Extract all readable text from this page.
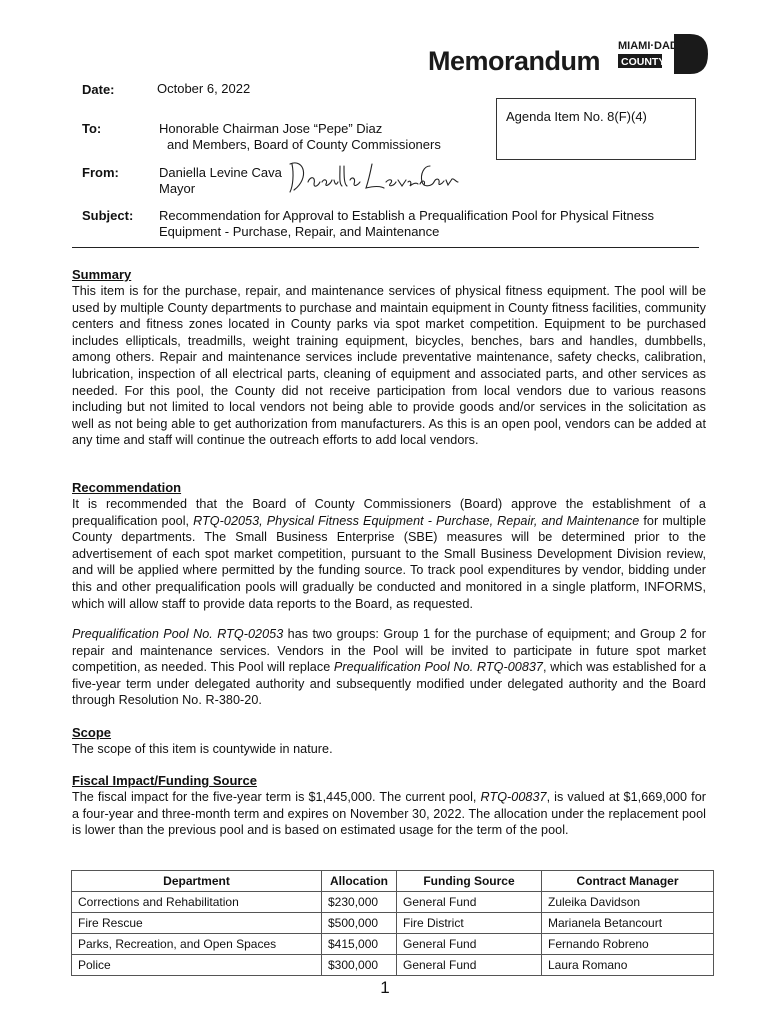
Memorandum MIAMI·DADE
COUNTY
Date:	October 6, 2022
Agenda Item No. 8(F)(4)
To:	Honorable Chairman Jose “Pepe” Diaz
and Members, Board of County Commissioners
From:	Daniella Levine Cava
Mayor
Subject: Recommendation for Approval to Establish a Prequalification Pool for Physical Fitness
Equipment - Purchase, Repair, and Maintenance
Summary

This item is for the purchase, repair, and maintenance services of physical fitness equipment. The pool will be used by multiple County departments to purchase and maintain equipment in County fitness facilities, community centers and fitness zones located in County parks via spot market competition. Equipment to be purchased includes ellipticals, treadmills, weight training equipment, bicycles, benches, bars and handles, dumbbells, among others. Repair and maintenance services include preventative maintenance, safety checks, calibration, lubrication, inspection of all electrical parts, cleaning of equipment and associated parts, and other services as needed. For this pool, the County did not receive participation from local vendors due to various reasons including but not limited to local vendors not being able to provide goods and/or services in the solicitation as well as not being able to get authorization from manufacturers. As this is an open pool, vendors can be added at any time and staff will continue the outreach efforts to add local vendors.

Recommendation

It is recommended that the Board of County Commissioners (Board) approve the establishment of a prequalification pool, RTQ-02053, Physical Fitness Equipment - Purchase, Repair, and Maintenance for multiple County departments. The Small Business Enterprise (SBE) measures will be determined prior to the advertisement of each spot market competition, pursuant to the Small Business Development Division review, and will be applied where permitted by the funding source. To track pool expenditures by vendor, bidding under this and other prequalification pools will gradually be conducted and monitored in a single platform, INFORMS, which will allow staff to provide data reports to the Board, as requested.

Prequalification Pool No. RTQ-02053 has two groups: Group 1 for the purchase of equipment; and Group 2 for repair and maintenance services. Vendors in the Pool will be invited to participate in future spot market competition, as needed. This Pool will replace Prequalification Pool No. RTQ-00837, which was established for a five-year term under delegated authority and subsequently modified under delegated authority and the Board through Resolution No. R-380-20.

Scope

The scope of this item is countywide in nature.

Fiscal Impact/Funding Source

The fiscal impact for the five-year term is $1,445,000. The current pool, RTQ-00837, is valued at $1,669,000 for a four-year and three-month term and expires on November 30, 2022. The allocation under the replacement pool is lower than the previous pool and is based on estimated usage for the term of the pool.

Department	Allocation	Funding Source	Contract Manager
Corrections and Rehabilitation	$230,000	General Fund	Zuleika Davidson
Fire Rescue	$500,000	Fire District	Marianela Betancourt
Parks, Recreation, and Open Spaces	$415,000	General Fund	Fernando Robreno
Police	$300,000	General Fund	Laura Romano
1
